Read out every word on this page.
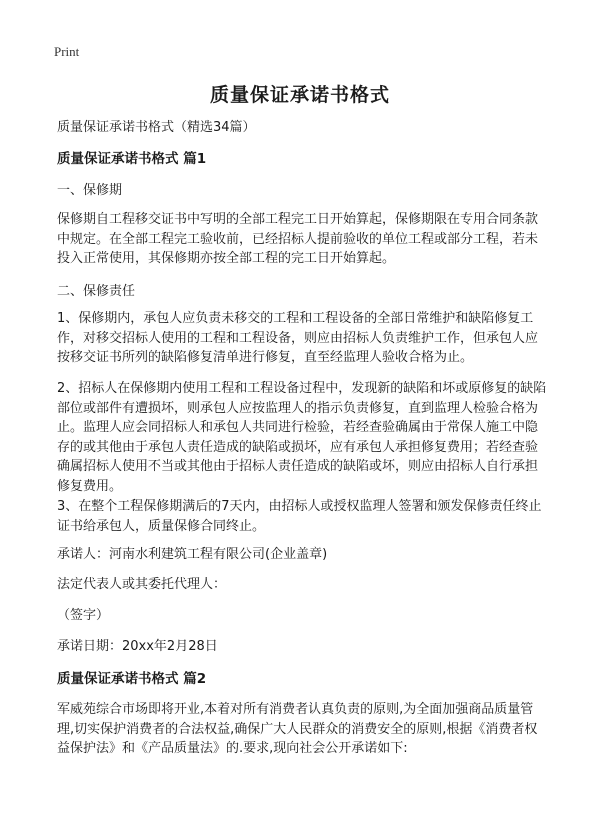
Print
质量保证承诺书格式
质量保证承诺书格式（精选34篇）
质量保证承诺书格式 篇1
一、保修期
保修期自工程移交证书中写明的全部工程完工日开始算起，保修期限在专用合同条款中规定。在全部工程完工验收前，已经招标人提前验收的单位工程或部分工程，若未投入正常使用，其保修期亦按全部工程的完工日开始算起。
二、保修责任
1、保修期内，承包人应负责未移交的工程和工程设备的全部日常维护和缺陷修复工作，对移交招标人使用的工程和工程设备，则应由招标人负责维护工作，但承包人应按移交证书所列的缺陷修复清单进行修复，直至经监理人验收合格为止。
2、招标人在保修期内使用工程和工程设备过程中，发现新的缺陷和坏或原修复的缺陷部位或部件有遭损坏，则承包人应按监理人的指示负责修复，直到监理人检验合格为止。监理人应会同招标人和承包人共同进行检验，若经查验确属由于常保人施工中隐存的或其他由于承包人责任造成的缺陷或损坏，应有承包人承担修复费用；若经查验确属招标人使用不当或其他由于招标人责任造成的缺陷或坏，则应由招标人自行承担修复费用。
3、在整个工程保修期满后的7天内，由招标人或授权监理人签署和颁发保修责任终止证书给承包人，质量保修合同终止。
承诺人：河南水利建筑工程有限公司(企业盖章)
法定代表人或其委托代理人：
（签字）
承诺日期：20xx年2月28日
质量保证承诺书格式 篇2
军威苑综合市场即将开业,本着对所有消费者认真负责的原则,为全面加强商品质量管理,切实保护消费者的合法权益,确保广大人民群众的消费安全的原则,根据《消费者权益保护法》和《产品质量法》的.要求,现向社会公开承诺如下:
